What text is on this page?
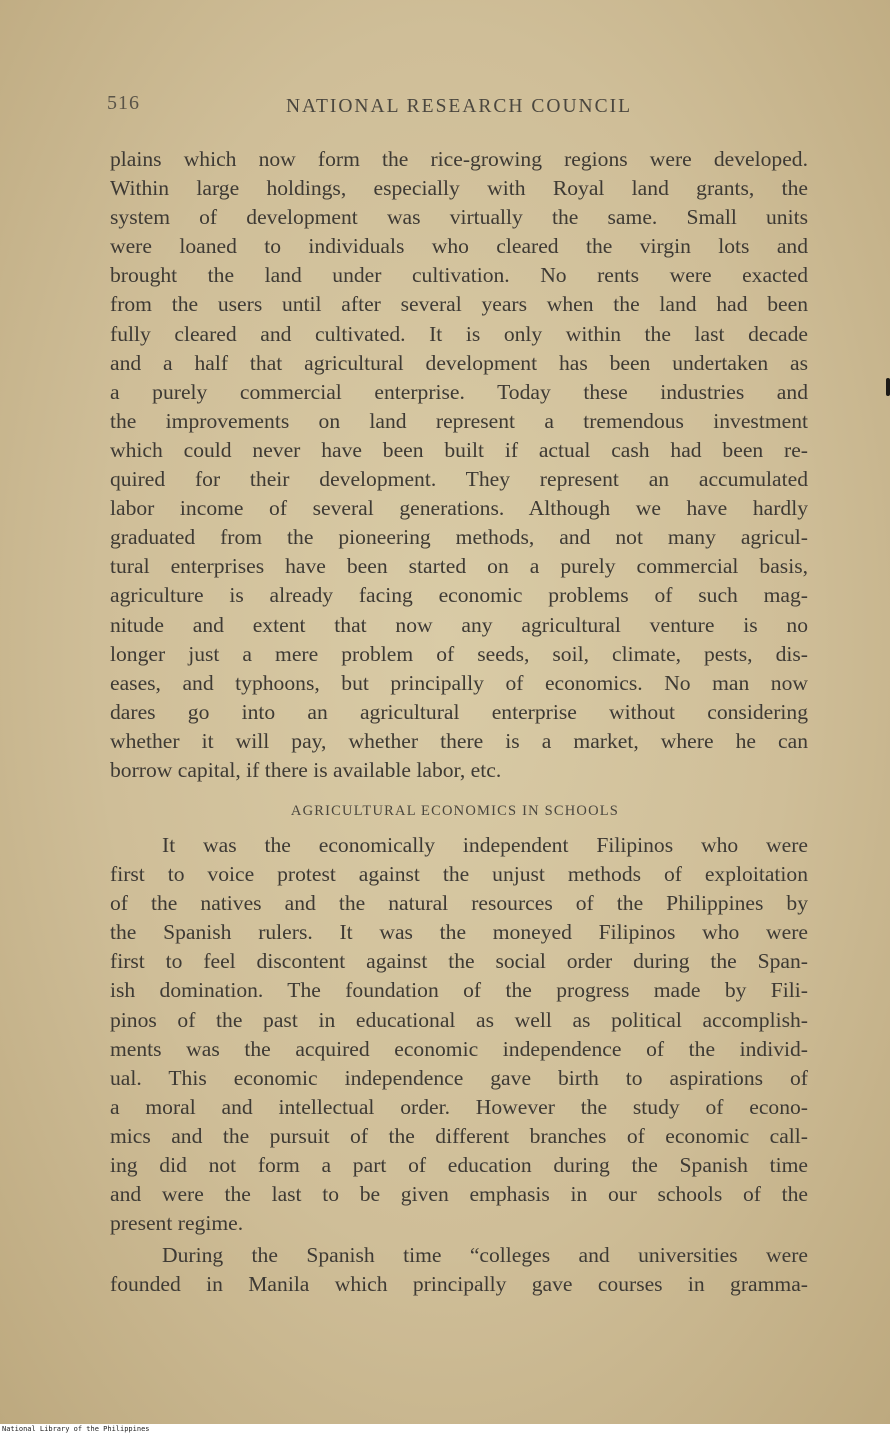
516	NATIONAL RESEARCH COUNCIL

plains which now form the rice-growing regions were developed.
Within large holdings, especially with Royal land grants, the
system of development was virtually the same. Small units
were loaned to individuals who cleared the virgin lots and
brought the land under cultivation. No rents were exacted
from the users until after several years when the land had been
fully cleared and cultivated. It is only within the last decade
and a half that agricultural development has been undertaken as
a purely commercial enterprise. Today these industries and
the improvements on land represent a tremendous investment
which could never have been built if actual cash had been re-
quired for their development. They represent an accumulated
labor income of several generations. Although we have hardly
graduated from the pioneering methods, and not many agricul-
tural enterprises have been started on a purely commercial basis,
agriculture is already facing economic problems of such mag-
nitude and extent that now any agricultural venture is no
longer just a mere problem of seeds, soil, climate, pests, dis-
eases, and typhoons, but principally of economics. No man now
dares go into an agricultural enterprise without considering
whether it will pay, whether there is a market, where he can
borrow capital, if there is available labor, etc.

AGRICULTURAL ECONOMICS IN SCHOOLS

It was the economically independent Filipinos who were
first to voice protest against the unjust methods of exploitation
of the natives and the natural resources of the Philippines by
the Spanish rulers. It was the moneyed Filipinos who were
first to feel discontent against the social order during the Span-
ish domination. The foundation of the progress made by Fili-
pinos of the past in educational as well as political accomplish-
ments was the acquired economic independence of the individ-
ual. This economic independence gave birth to aspirations of
a moral and intellectual order. However the study of econo-
mics and the pursuit of the different branches of economic call-
ing did not form a part of education during the Spanish time
and were the last to be given emphasis in our schools of the
present regime.

During the Spanish time “colleges and universities were
founded in Manila which principally gave courses in gramma-

National Library of the Philippines
